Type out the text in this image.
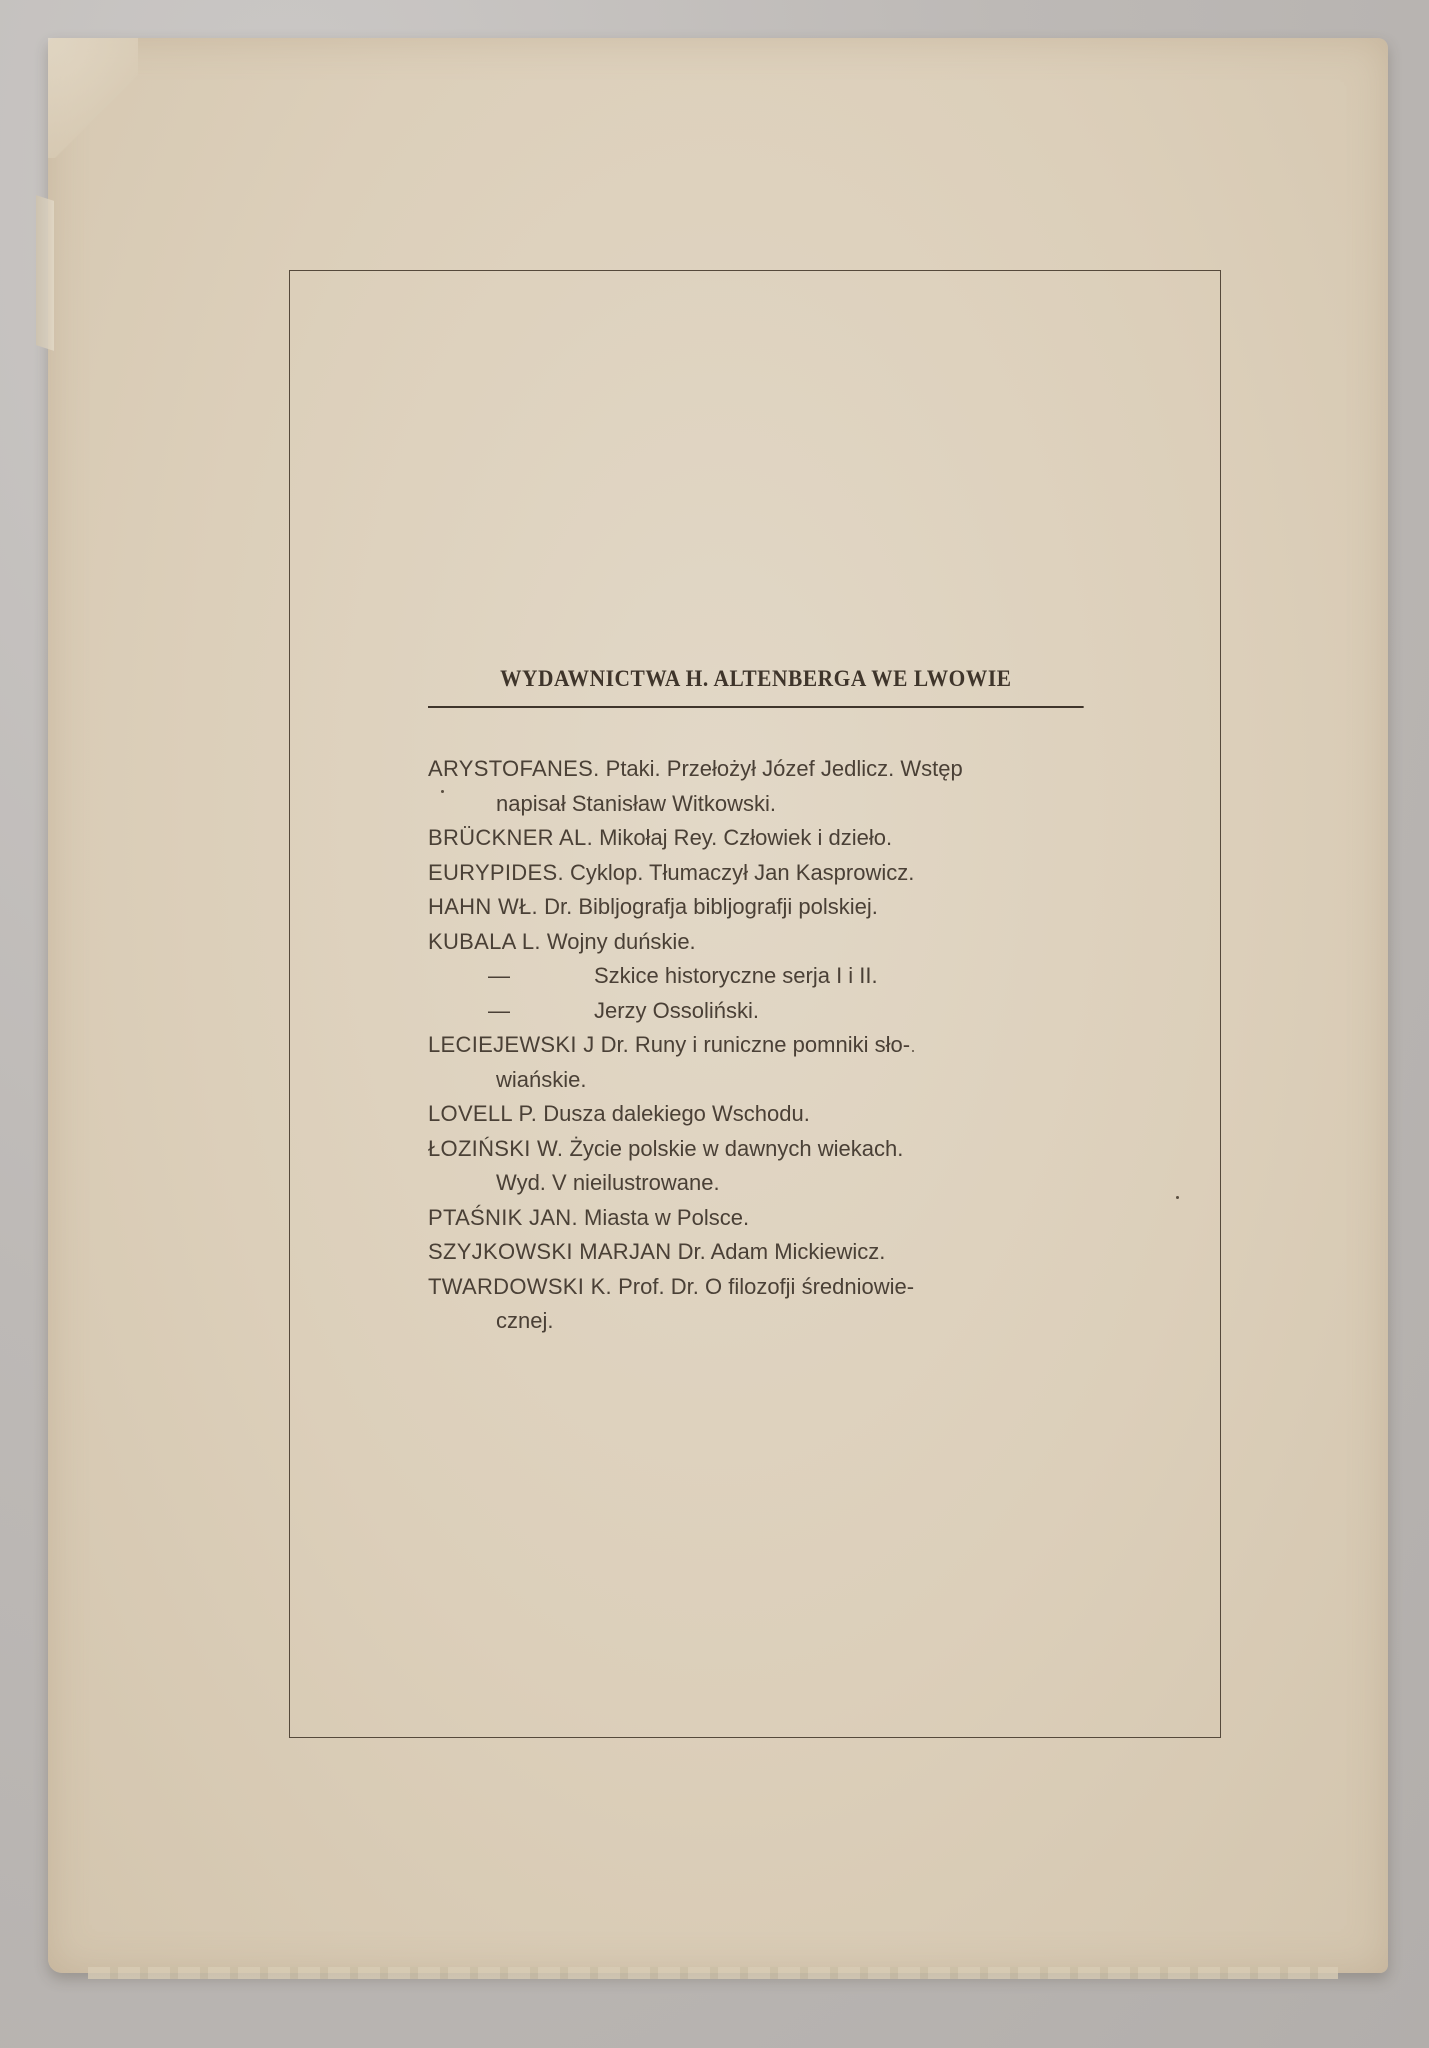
WYDAWNICTWA H. ALTENBERGA WE LWOWIE
ARYSTOFANES. Ptaki. Przełożył Józef Jedlicz. Wstęp
napisał Stanisław Witkowski.
BRÜCKNER AL. Mikołaj Rey. Człowiek i dzieło.
EURYPIDES. Cyklop. Tłumaczył Jan Kasprowicz.
HAHN WŁ. Dr. Bibljografja bibljografji polskiej.
KUBALA L. Wojny duńskie.
—	Szkice historyczne serja I i II.
—	Jerzy Ossoliński.
LECIEJEWSKI J Dr. Runy i runiczne pomniki sło-
wiańskie.
LOVELL P. Dusza dalekiego Wschodu.
ŁOZIŃSKI W. Życie polskie w dawnych wiekach.
Wyd. V nieilustrowane.
PTAŚNIK JAN. Miasta w Polsce.
SZYJKOWSKI MARJAN Dr. Adam Mickiewicz.
TWARDOWSKI K. Prof. Dr. O filozofji średniowie-
cznej.
